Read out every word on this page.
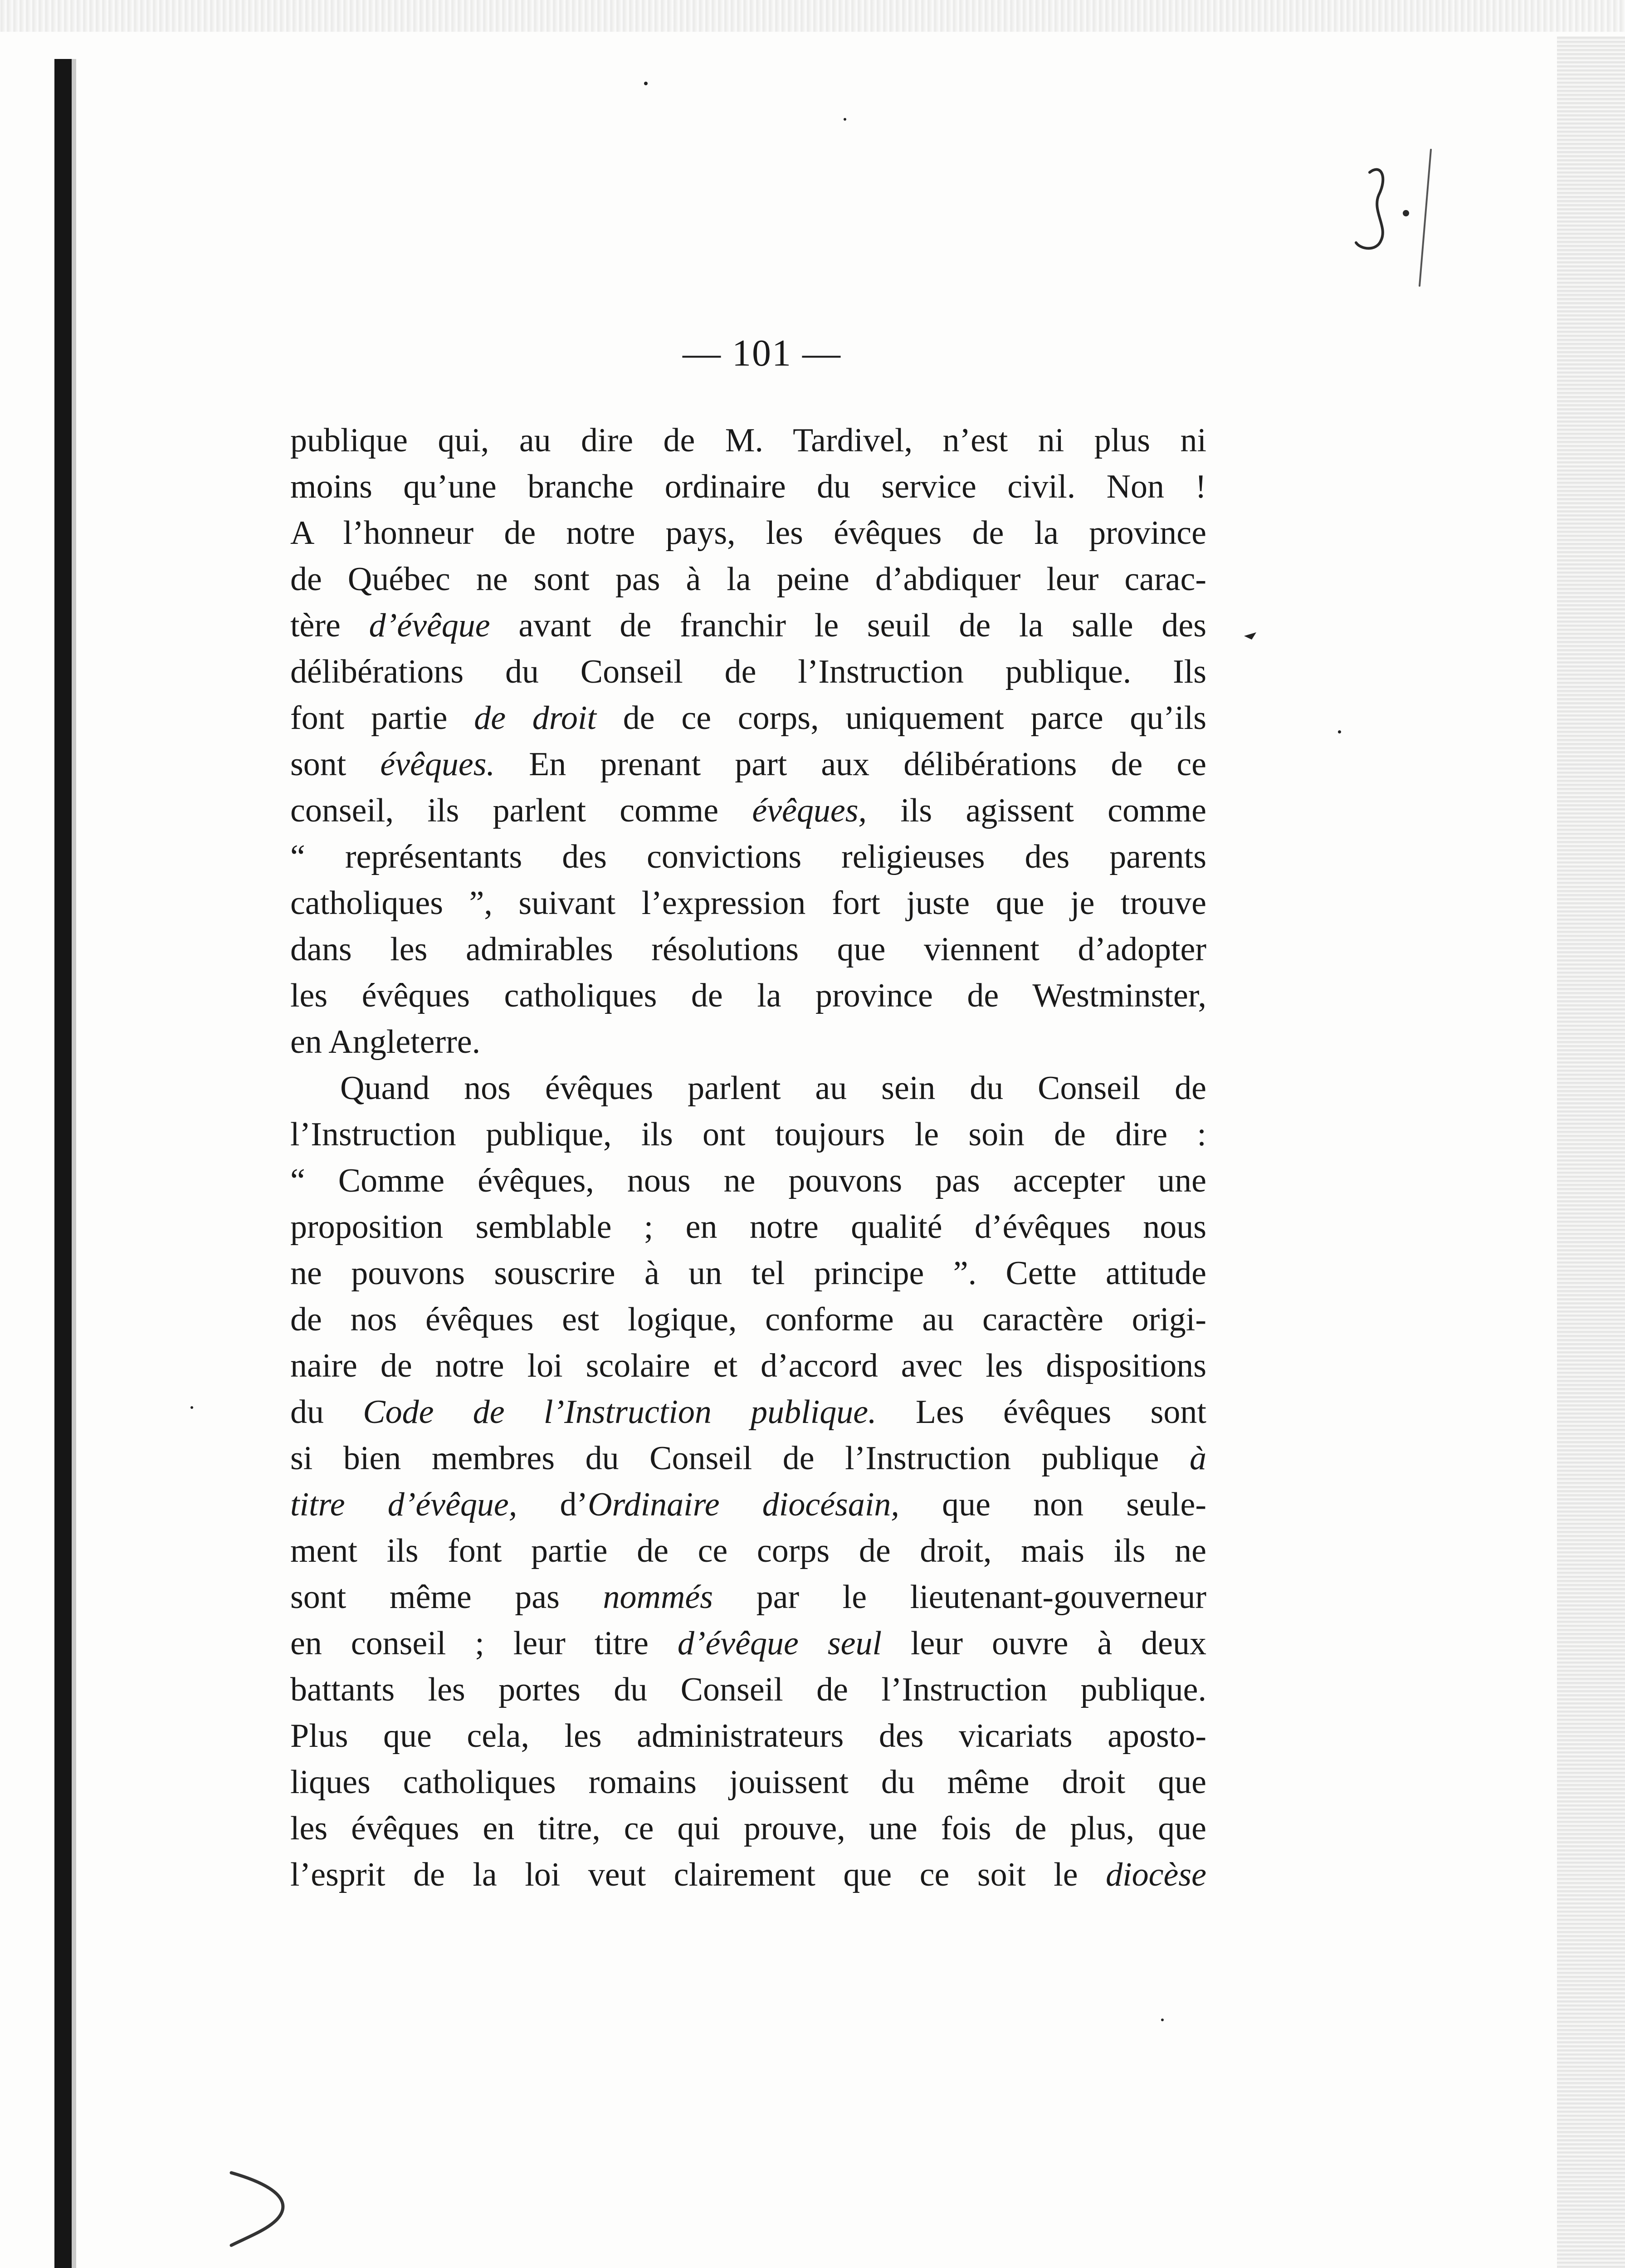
— 101 —
publique qui, au dire de M. Tardivel, n’est ni plus ni
moins qu’une branche ordinaire du service civil. Non !
A l’honneur de notre pays, les évêques de la province
de Québec ne sont pas à la peine d’abdiquer leur carac-
tère d’évêque avant de franchir le seuil de la salle des
délibérations du Conseil de l’Instruction publique. Ils
font partie de droit de ce corps, uniquement parce qu’ils
sont évêques. En prenant part aux délibérations de ce
conseil, ils parlent comme évêques, ils agissent comme
“ représentants des convictions religieuses des parents
catholiques ”, suivant l’expression fort juste que je trouve
dans les admirables résolutions que viennent d’adopter
les évêques catholiques de la province de Westminster,
en Angleterre.
Quand nos évêques parlent au sein du Conseil de
l’Instruction publique, ils ont toujours le soin de dire :
“ Comme évêques, nous ne pouvons pas accepter une
proposition semblable ; en notre qualité d’évêques nous
ne pouvons souscrire à un tel principe ”. Cette attitude
de nos évêques est logique, conforme au caractère origi-
naire de notre loi scolaire et d’accord avec les dispositions
du Code de l’Instruction publique. Les évêques sont
si bien membres du Conseil de l’Instruction publique à
titre d’évêque, d’Ordinaire diocésain, que non seule-
ment ils font partie de ce corps de droit, mais ils ne
sont même pas nommés par le lieutenant-gouverneur
en conseil ; leur titre d’évêque seul leur ouvre à deux
battants les portes du Conseil de l’Instruction publique.
Plus que cela, les administrateurs des vicariats aposto-
liques catholiques romains jouissent du même droit que
les évêques en titre, ce qui prouve, une fois de plus, que
l’esprit de la loi veut clairement que ce soit le diocèse
